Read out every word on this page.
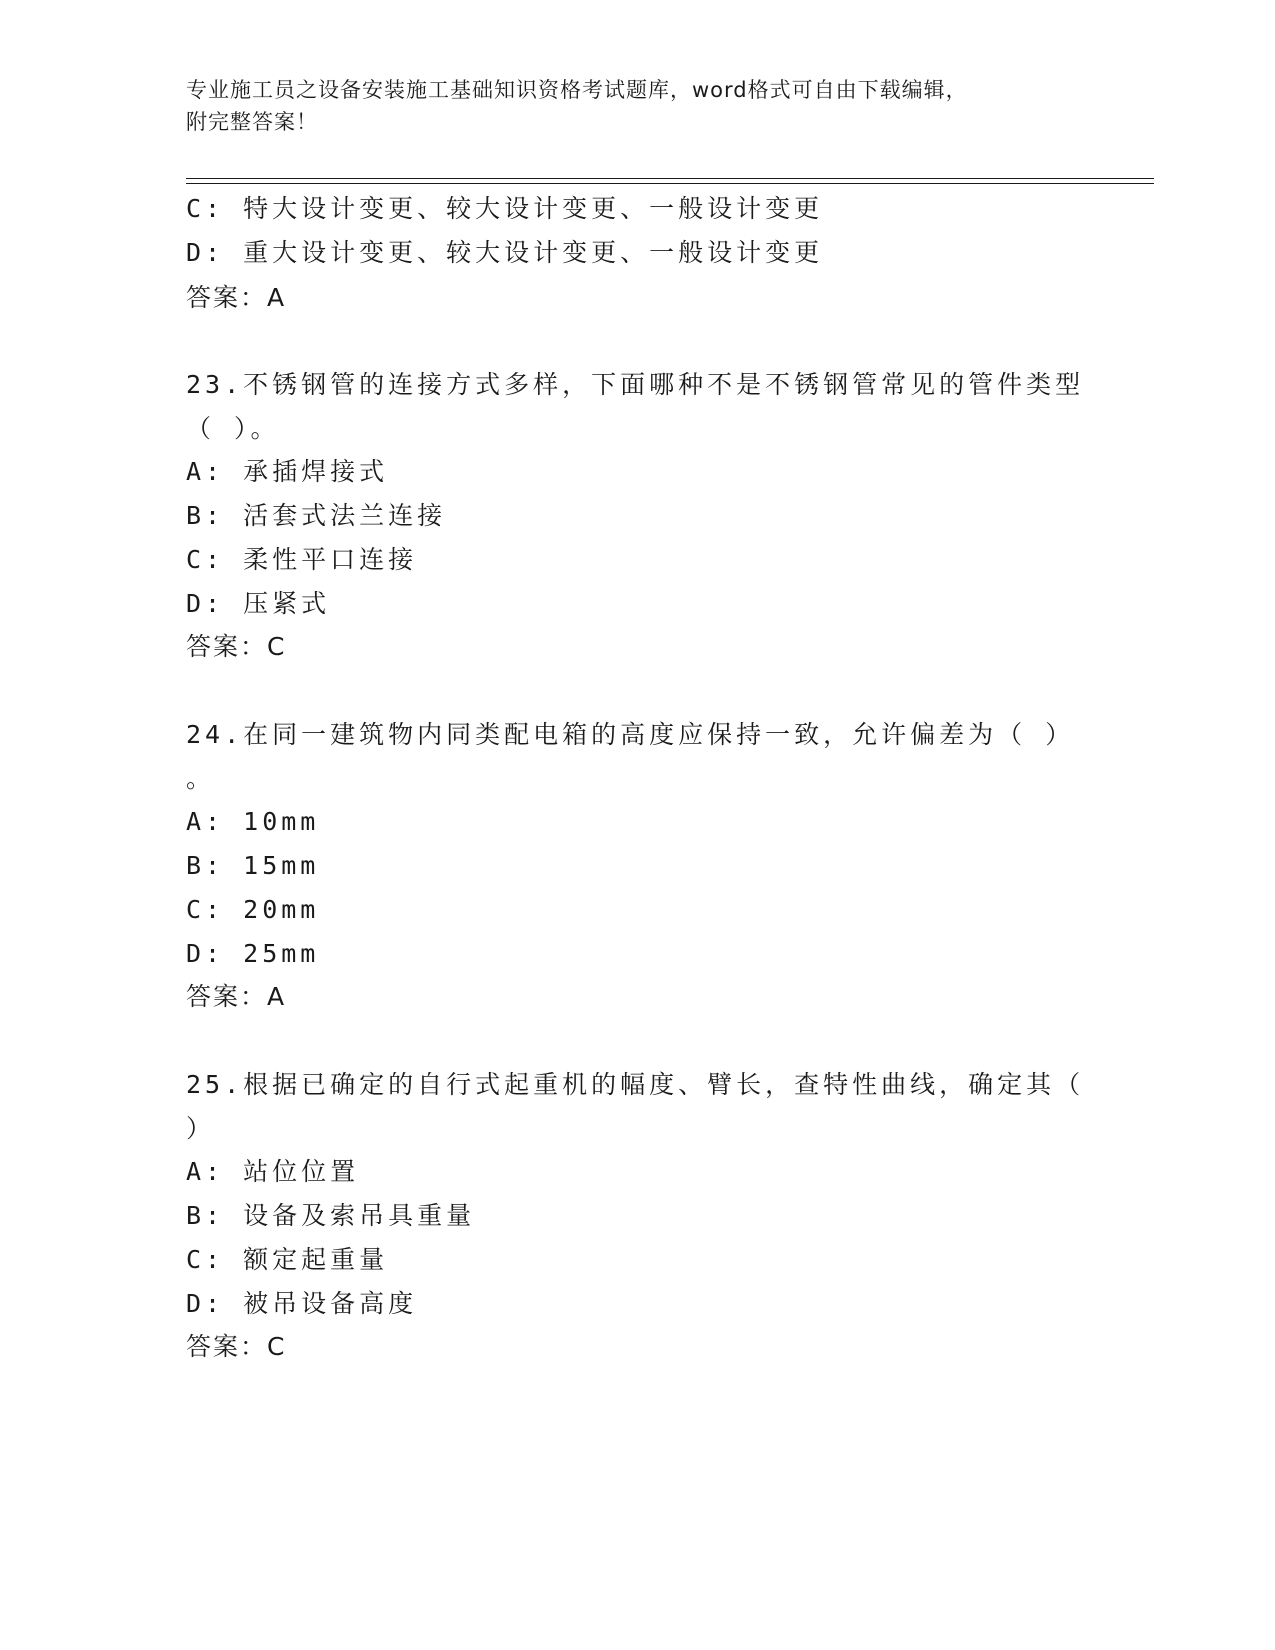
专业施工员之设备安装施工基础知识资格考试题库，word格式可自由下载编辑，
附完整答案！
C: 特大设计变更、较大设计变更、一般设计变更
D: 重大设计变更、较大设计变更、一般设计变更
答案：A
23.不锈钢管的连接方式多样，下面哪种不是不锈钢管常见的管件类型
（ ）。
A: 承插焊接式
B: 活套式法兰连接
C: 柔性平口连接
D: 压紧式
答案：C
24.在同一建筑物内同类配电箱的高度应保持一致，允许偏差为（ ）
。
A: 10mm
B: 15mm
C: 20mm
D: 25mm
答案：A
25.根据已确定的自行式起重机的幅度、臂长，查特性曲线，确定其（
）
A: 站位位置
B: 设备及索吊具重量
C: 额定起重量
D: 被吊设备高度
答案：C
